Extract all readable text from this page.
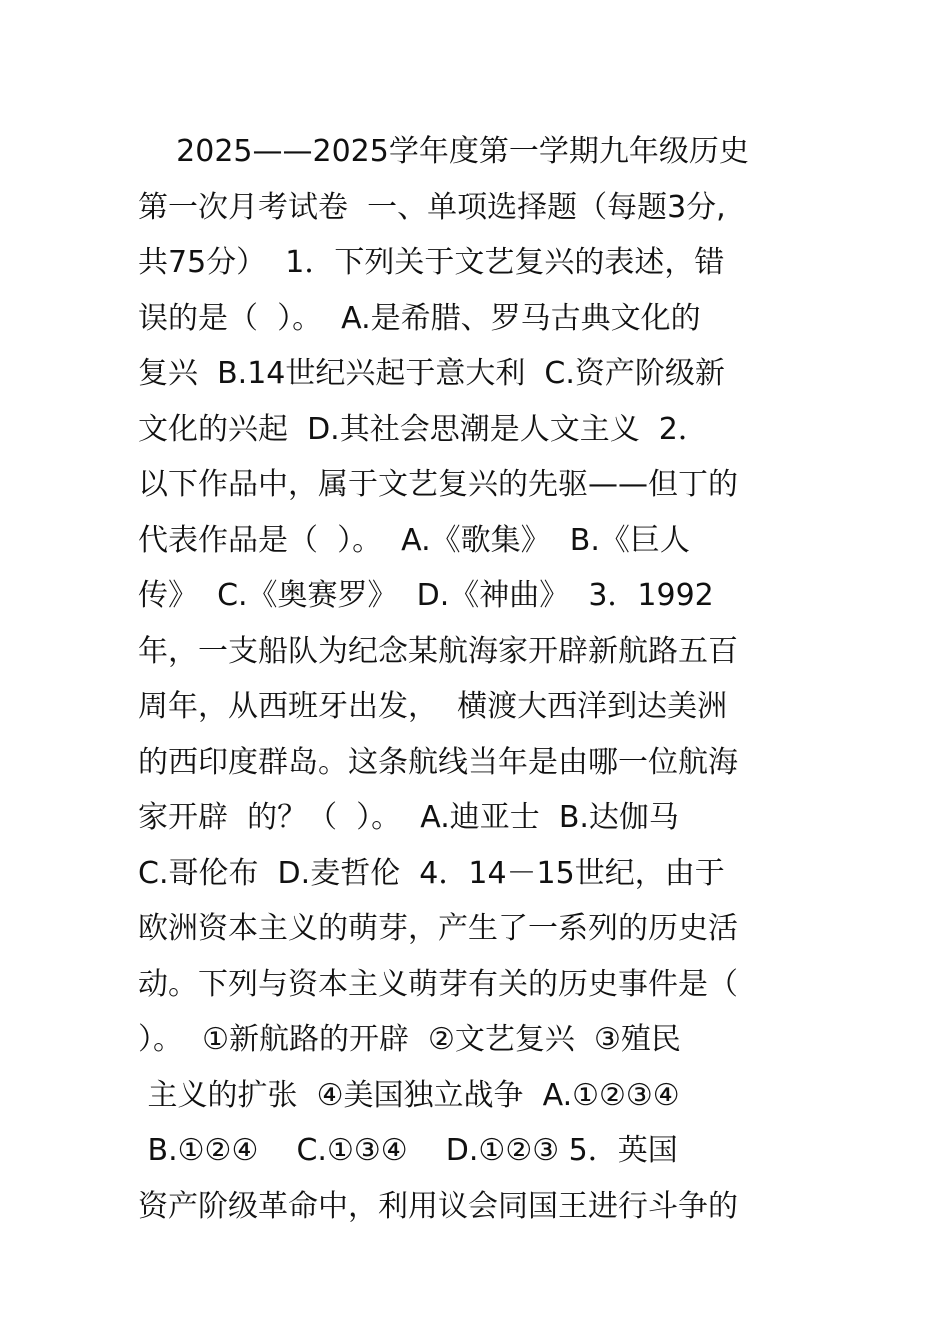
2025——2025学年度第一学期九年级历史
第一次月考试卷  一、单项选择题（每题3分,
共75分）  1．下列关于文艺复兴的表述，错
误的是（  ）。  A.是希腊、罗马古典文化的
复兴  B.14世纪兴起于意大利  C.资产阶级新
文化的兴起  D.其社会思潮是人文主义  2．
以下作品中，属于文艺复兴的先驱——但丁的
代表作品是（  ）。  A.《歌集》  B.《巨人
传》  C.《奥赛罗》  D.《神曲》  3．1992
年，一支船队为纪念某航海家开辟新航路五百
周年，从西班牙出发，  横渡大西洋到达美洲
的西印度群岛。这条航线当年是由哪一位航海
家开辟  的？（  ）。  A.迪亚士  B.达伽马
C.哥伦布  D.麦哲伦  4．14－15世纪，由于
欧洲资本主义的萌芽，产生了一系列的历史活
动。下列与资本主义萌芽有关的历史事件是（
）。  ①新航路的开辟  ②文艺复兴  ③殖民
主义的扩张  ④美国独立战争  A.①②③④
B.①②④    C.①③④    D.①②③ 5．英国
资产阶级革命中，利用议会同国王进行斗争的
